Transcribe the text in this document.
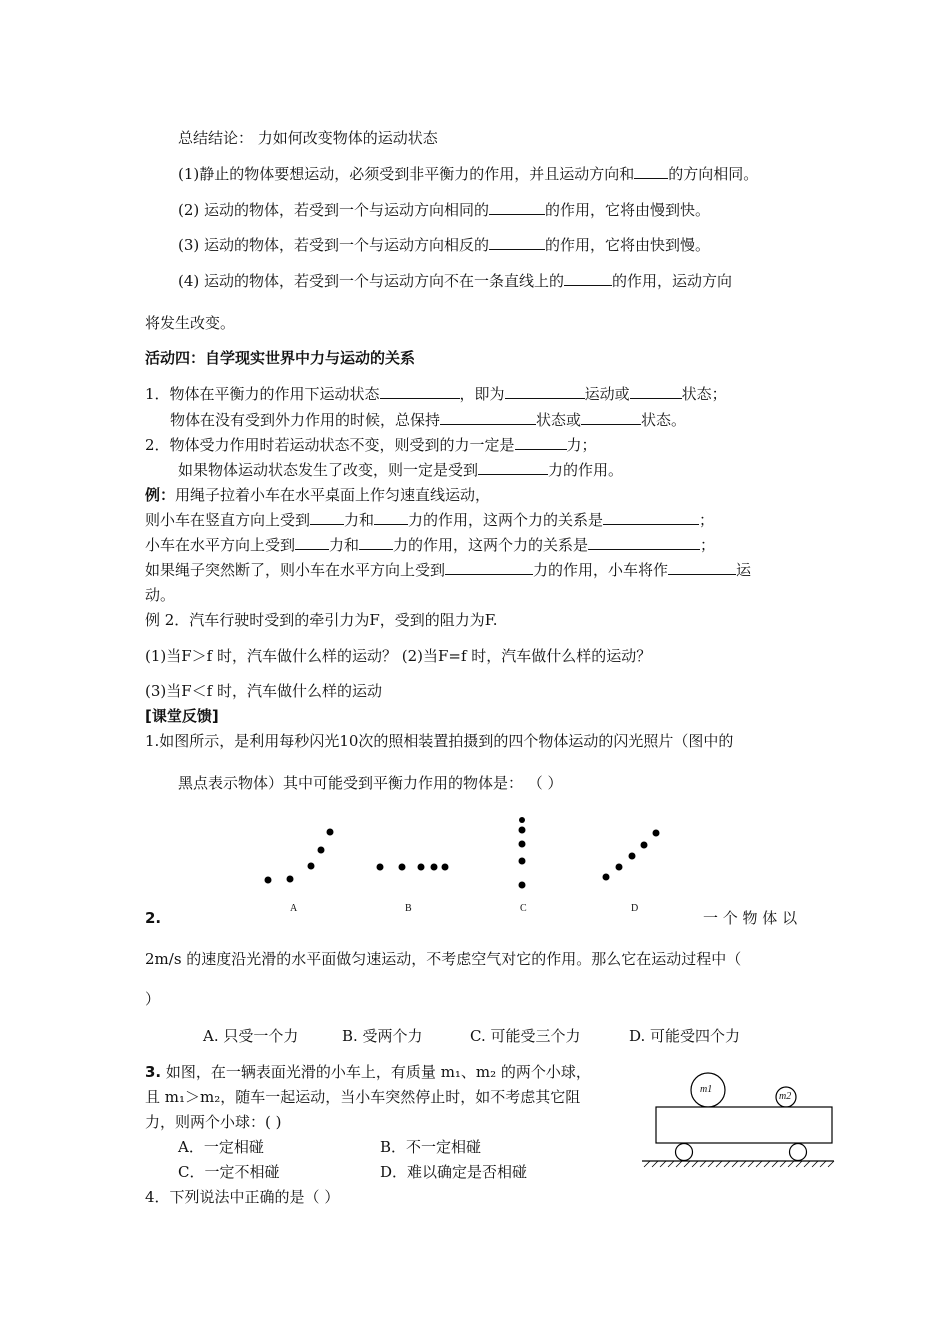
总结结论： 力如何改变物体的运动状态
(1)静止的物体要想运动，必须受到非平衡力的作用，并且运动方向和 的方向相同。
(2) 运动的物体，若受到一个与运动方向相同的	的作用，它将由慢到快。
(3) 运动的物体，若受到一个与运动方向相反的	的作用，它将由快到慢。
(4) 运动的物体，若受到一个与运动方向不在一条直线上的	的作用，运动方向
将发生改变。
活动四：自学现实世界中力与运动的关系
1．物体在平衡力的作用下运动状态	，即为	运动或	状态；
物体在没有受到外力作用的时候，总保持	状态或	状态。
2．物体受力作用时若运动状态不变，则受到的力一定是	力；
如果物体运动状态发生了改变，则一定是受到	力的作用。
例：用绳子拉着小车在水平桌面上作匀速直线运动，
则小车在竖直方向上受到 力和 力的作用，这两个力的关系是	；
小车在水平方向上受到 力和 力的作用，这两个力的关系是	；
如果绳子突然断了，则小车在水平方向上受到	力的作用，小车将作	运
动。
例 2．汽车行驶时受到的牵引力为F，受到的阻力为F.
(1)当F＞f 时，汽车做什么样的运动？ (2)当F=f 时，汽车做什么样的运动？
(3)当F＜f 时，汽车做什么样的运动
[课堂反馈]
1.如图所示，是利用每秒闪光10次的照相装置拍摄到的四个物体运动的闪光照片（图中的
黑点表示物体）其中可能受到平衡力作用的物体是： （ ）
A	B	C	D
2.	一 个 物 体 以
2m/s 的速度沿光滑的水平面做匀速运动，不考虑空气对它的作用。那么它在运动过程中（
）
A. 只受一个力	B. 受两个力	C. 可能受三个力	D. 可能受四个力
3. 如图，在一辆表面光滑的小车上，有质量 m₁、m₂ 的两个小球，
且 m₁＞m₂，随车一起运动，当小车突然停止时，如不考虑其它阻
力，则两个小球：( )
A．一定相碰	B．不一定相碰
C．一定不相碰	D．难以确定是否相碰
m1
m2
4．下列说法中正确的是（ ）
